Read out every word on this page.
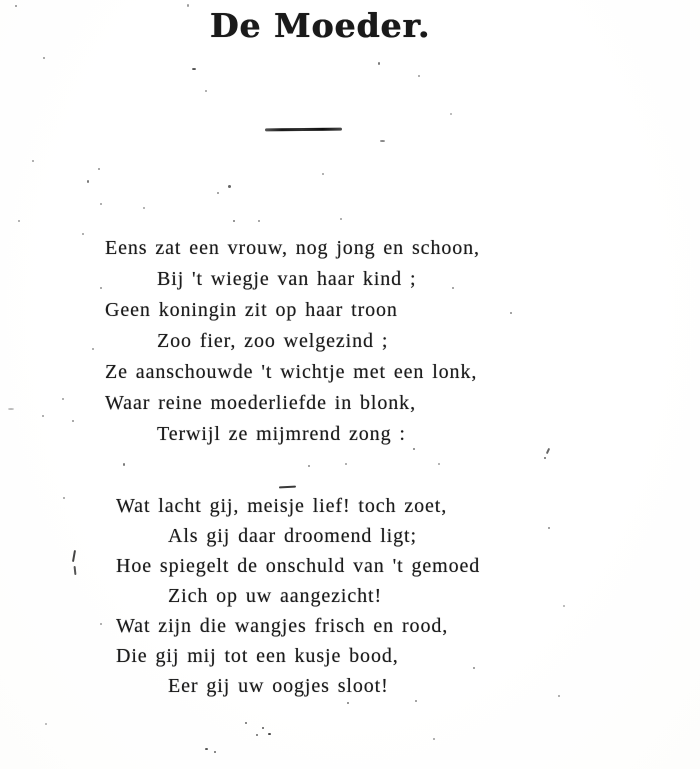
De Moeder.
Eens zat een vrouw, nog jong en schoon,
Bij 't wiegje van haar kind ;
Geen koningin zit op haar troon
Zoo fier, zoo welgezind ;
Ze aanschouwde 't wichtje met een lonk,
Waar reine moederliefde in blonk,
Terwijl ze mijmrend zong :
Wat lacht gij, meisje lief! toch zoet,
Als gij daar droomend ligt;
Hoe spiegelt de onschuld van 't gemoed
Zich op uw aangezicht!
Wat zijn die wangjes frisch en rood,
Die gij mij tot een kusje bood,
Eer gij uw oogjes sloot!
